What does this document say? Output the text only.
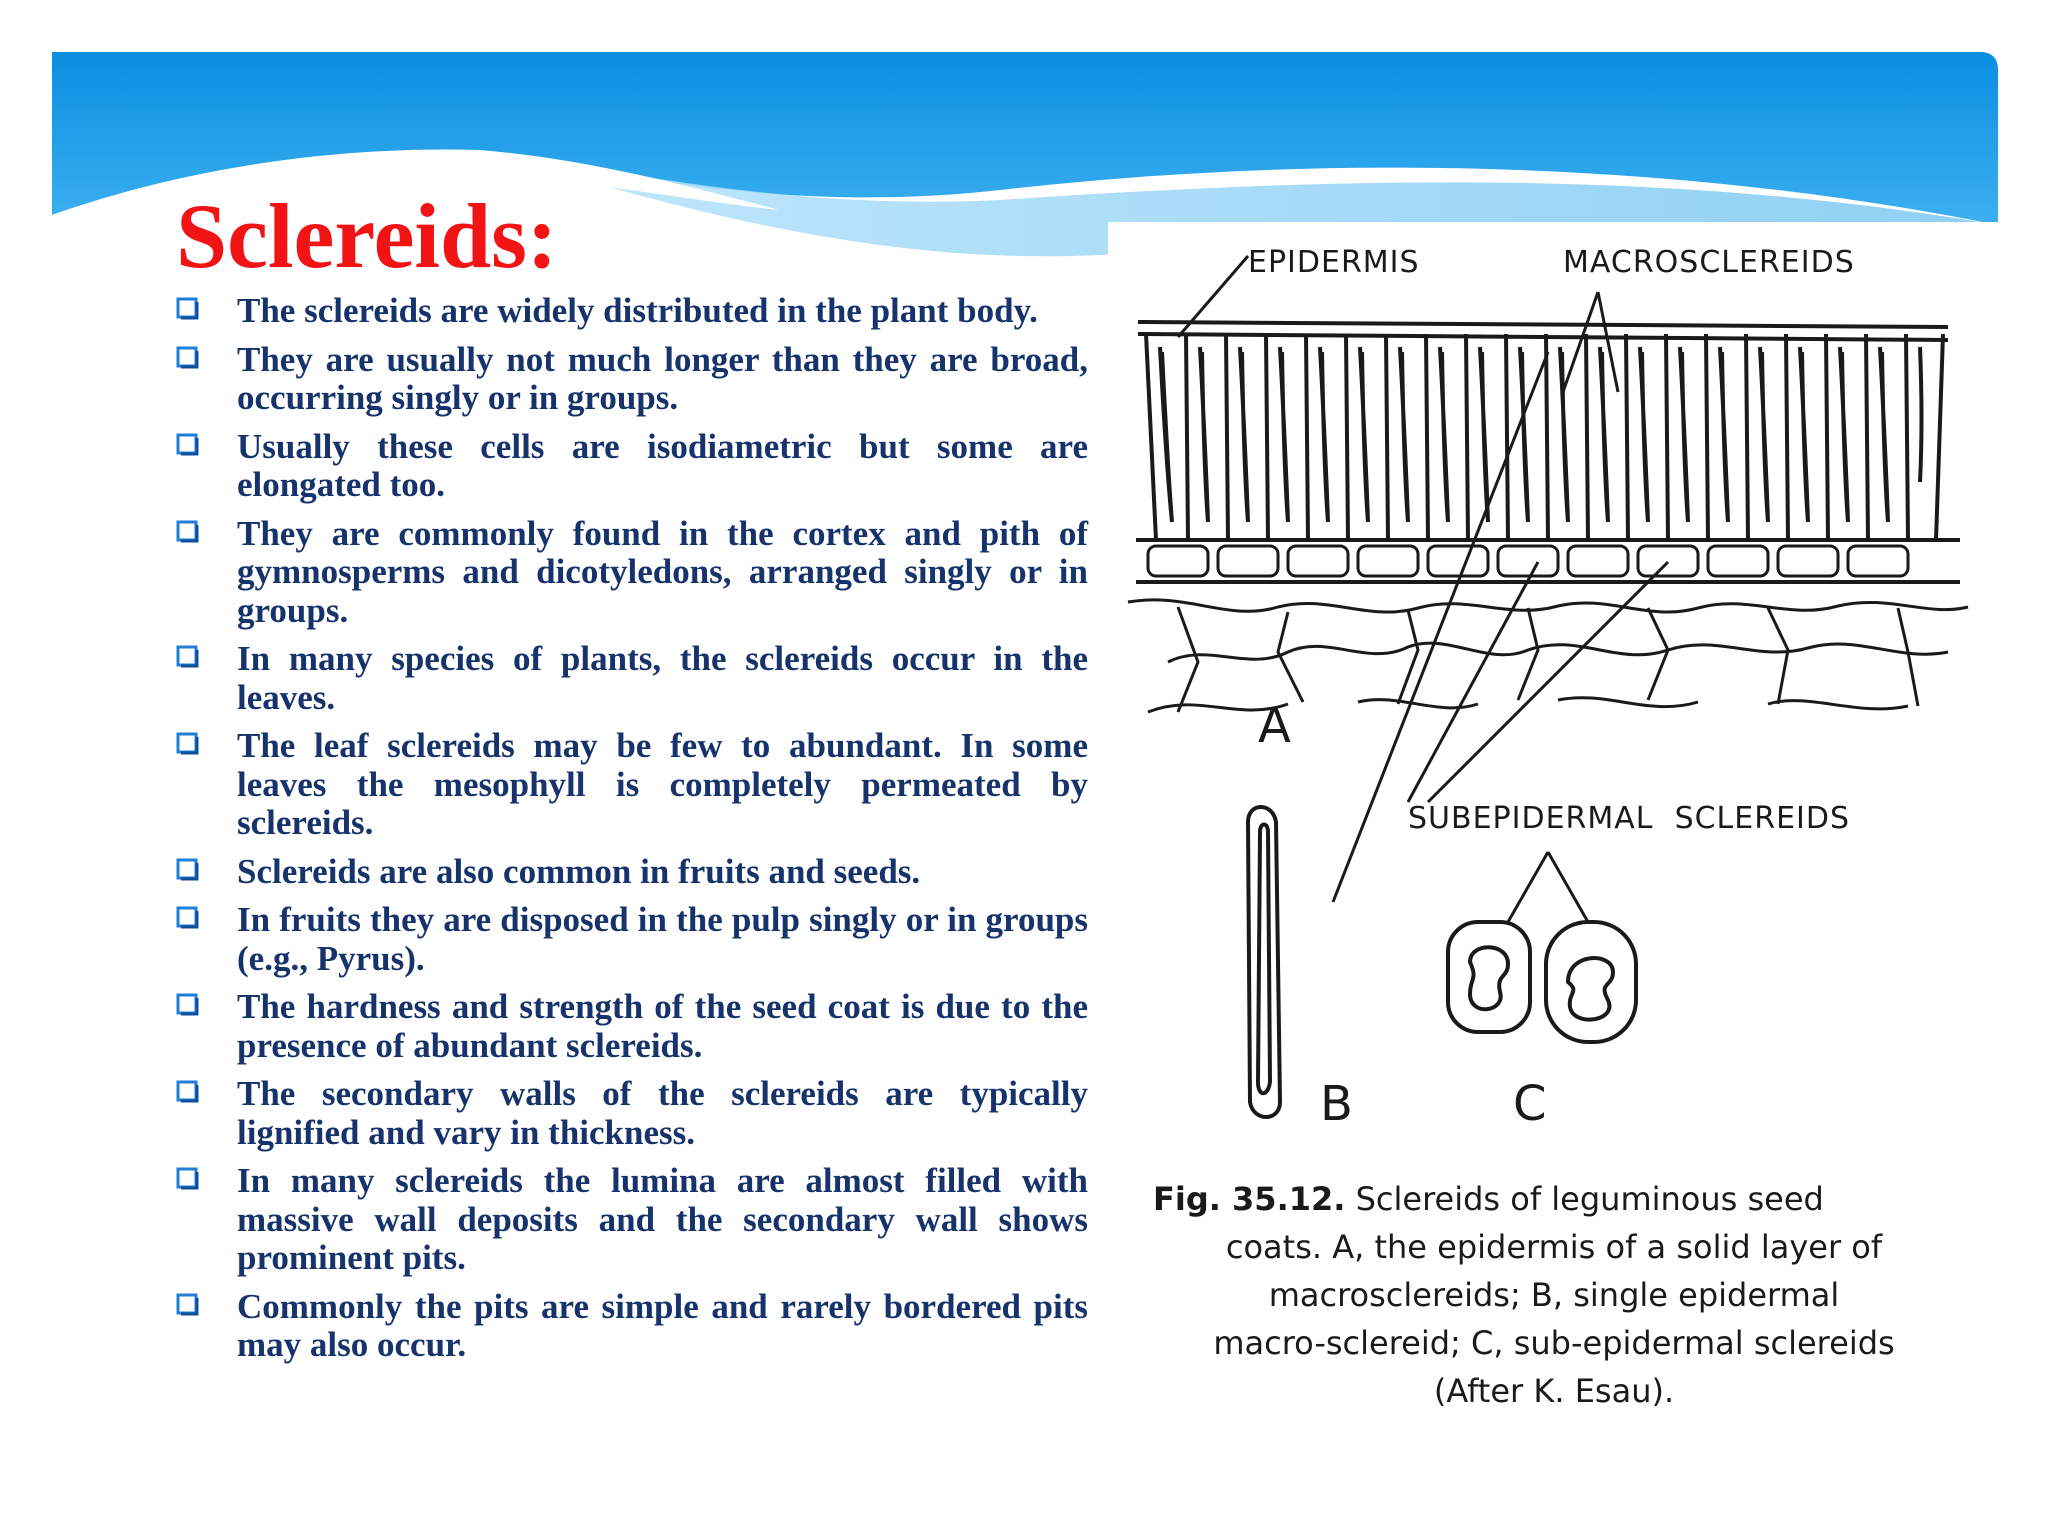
Sclereids:
The sclereids are widely distributed in the plant body.
They are usually not much longer than they are broad, occurring singly or in groups.
Usually these cells are isodiametric but some are elongated too.
They are commonly found in the cortex and pith of gymnosperms and dicotyledons, arranged singly or in groups.
In many species of plants, the sclereids occur in the leaves.
The leaf sclereids may be few to abundant. In some leaves the mesophyll is completely permeated by sclereids.
Sclereids are also common in fruits and seeds.
In fruits they are disposed in the pulp singly or in groups (e.g., Pyrus).
The hardness and strength of the seed coat is due to the presence of abundant sclereids.
The secondary walls of the sclereids are typically lignified and vary in thickness.
In many sclereids the lumina are almost filled with massive wall deposits and the secondary wall shows prominent pits.
Commonly the pits are simple and rarely bordered pits may also occur.
EPIDERMIS	MACROSCLEREIDS
A
SUBEPIDERMAL  SCLEREIDS
B	C
Fig. 35.12. Sclereids of leguminous seed
coats. A, the epidermis of a solid layer of
macrosclereids; B, single epidermal
macro-sclereid; C, sub-epidermal sclereids
(After K. Esau).
